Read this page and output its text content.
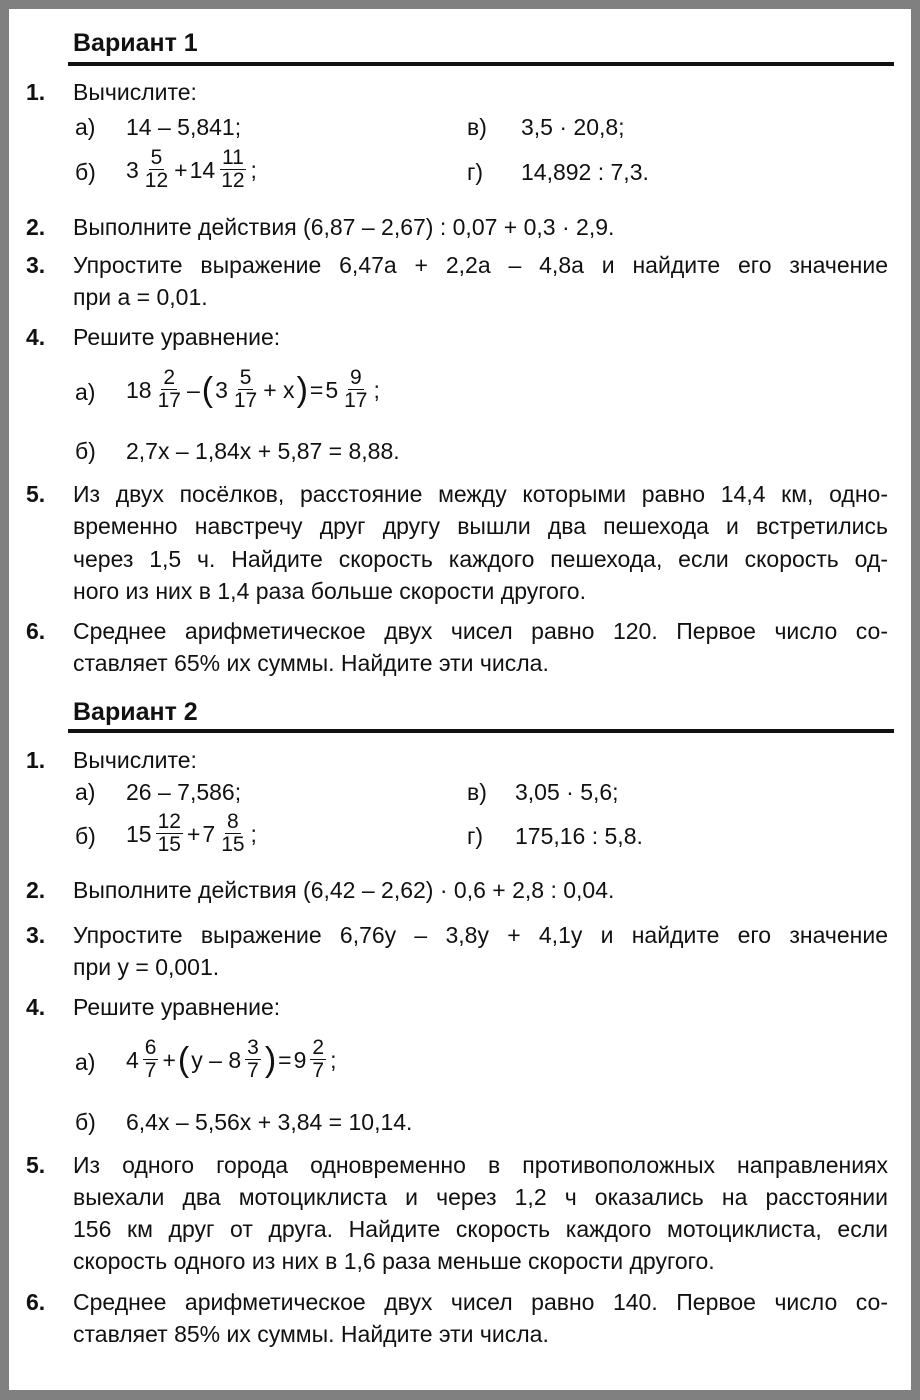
Вариант 1
1. Вычислите:
а) 14 – 5,841;	в) 3,5 · 20,8;
б) $3 \frac{5}{12} + 14 \frac{11}{12}$ ;	г) 14,892 : 7,3.
2. Выполните действия (6,87 – 2,67) : 0,07 + 0,3 · 2,9.
3. Упростите выражение 6,47a + 2,2a – 4,8a и найдите его значение
при a = 0,01.
4. Решите уравнение:
а) $18 \frac{2}{17}$ – ( $3 \frac{5}{17} + x$ ) = $5 \frac{9}{17}$ ;
б) 2,7x – 1,84x + 5,87 = 8,88.
5. Из двух посёлков, расстояние между которыми равно 14,4 км, одно-
временно навстречу друг другу вышли два пешехода и встретились
через 1,5 ч. Найдите скорость каждого пешехода, если скорость од-
ного из них в 1,4 раза больше скорости другого.
6. Среднее арифметическое двух чисел равно 120. Первое число со-
ставляет 65% их суммы. Найдите эти числа.
Вариант 2
1. Вычислите:
а) 26 – 7,586;	в) 3,05 · 5,6;
б) $15 \frac{12}{15} + 7 \frac{8}{15}$ ;	г) 175,16 : 5,8.
2. Выполните действия (6,42 – 2,62) · 0,6 + 2,8 : 0,04.
3. Упростите выражение 6,76y – 3,8y + 4,1y и найдите его значение
при y = 0,001.
4. Решите уравнение:
а) $4 \frac{6}{7}$ + ( y – $8 \frac{3}{7}$ ) = $9 \frac{2}{7}$ ;
б) 6,4x – 5,56x + 3,84 = 10,14.
5. Из одного города одновременно в противоположных направлениях
выехали два мотоциклиста и через 1,2 ч оказались на расстоянии
156 км друг от друга. Найдите скорость каждого мотоциклиста, если
скорость одного из них в 1,6 раза меньше скорости другого.
6. Среднее арифметическое двух чисел равно 140. Первое число со-
ставляет 85% их суммы. Найдите эти числа.
